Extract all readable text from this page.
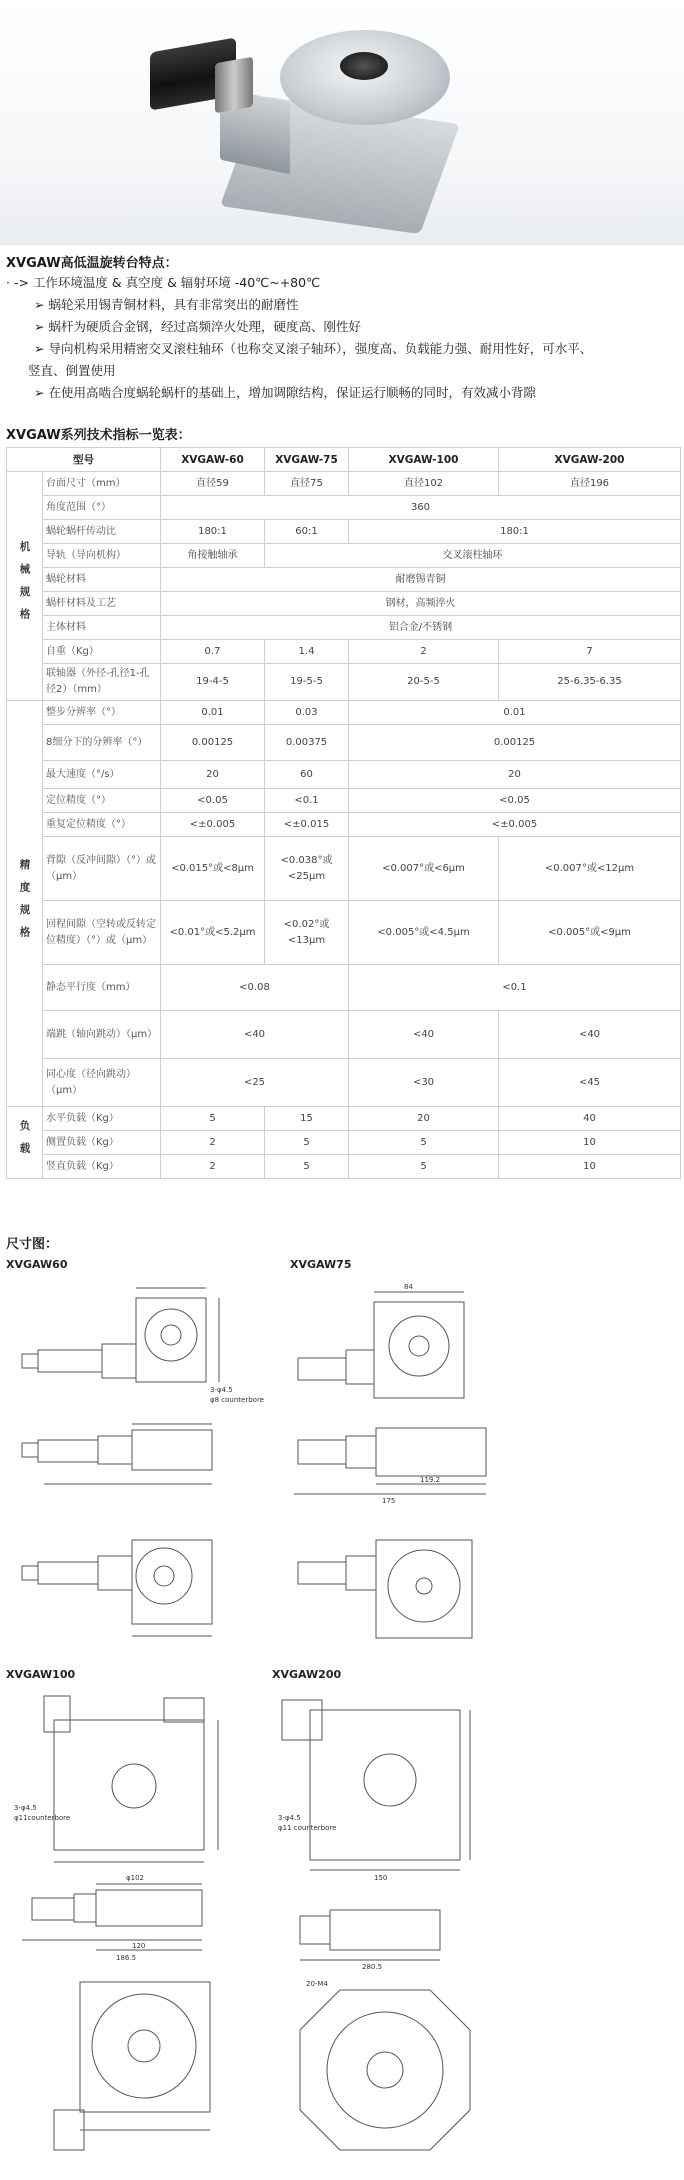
XVGAW高低温旋转台特点：
· -> 工作环境温度 & 真空度 & 辐射环境 -40℃~+80℃
➢ 蜗轮采用锡青铜材料，具有非常突出的耐磨性
➢ 蜗杆为硬质合金钢，经过高频淬火处理，硬度高、刚性好
➢ 导向机构采用精密交叉滚柱轴环（也称交叉滚子轴环），强度高、负载能力强、耐用性好，可水平、
竖直、倒置使用
➢ 在使用高啮合度蜗轮蜗杆的基础上，增加调隙结构，保证运行顺畅的同时，有效减小背隙
XVGAW系列技术指标一览表：
型号		XVGAW-60	XVGAW-75	XVGAW-100	XVGAW-200
机械规格	台面尺寸（mm）	直径59	直径75	直径102	直径196
	角度范围（°）	360			
	蜗轮蜗杆传动比	180:1	60:1	180:1	
	导轨（导向机构）	角接触轴承	交叉滚柱轴环		
	蜗轮材料	耐磨锡青铜			
	蜗杆材料及工艺	钢材，高频淬火			
	主体材料	铝合金/不锈钢			
	自重（Kg）	0.7	1.4	2	7
	联轴器（外径-孔径1-孔径2）（mm）	19-4-5	19-5-5	20-5-5	25-6.35-6.35
精度规格	整步分辨率（°）	0.01	0.03	0.01	
	8细分下的分辨率（°）	0.00125	0.00375	0.00125	
	最大速度（°/s）	20	60	20	
	定位精度（°）	<0.05	<0.1	<0.05	
	重复定位精度（°）	<±0.005	<±0.015	<±0.005	
	背隙（反冲间隙）（°）或（μm）	<0.015°或<8μm	<0.038°或<25μm	<0.007°或<6μm	<0.007°或<12μm
	回程间隙（空转或反转定位精度）（°）或（μm）	<0.01°或<5.2μm	<0.02°或<13μm	<0.005°或<4.5μm	<0.005°或<9μm
	静态平行度（mm）	<0.08		<0.1	
	端跳（轴向跳动）（μm）	<40		<40	<40
	同心度（径向跳动）（μm）	<25		<30	<45
负载	水平负载（Kg）	5	15	20	40
	侧置负载（Kg）	2	5	5	10
	竖直负载（Kg）	2	5	5	10
尺寸图：
XVGAW60	XVGAW75
XVGAW100	XVGAW200
3-φ4.5
φ8 counterbore
84
119.2
175
3-φ4.5
φ11counterbore
φ102
120
186.5
3-φ4.5
φ11 counterbore
150
280.5
20-M4
